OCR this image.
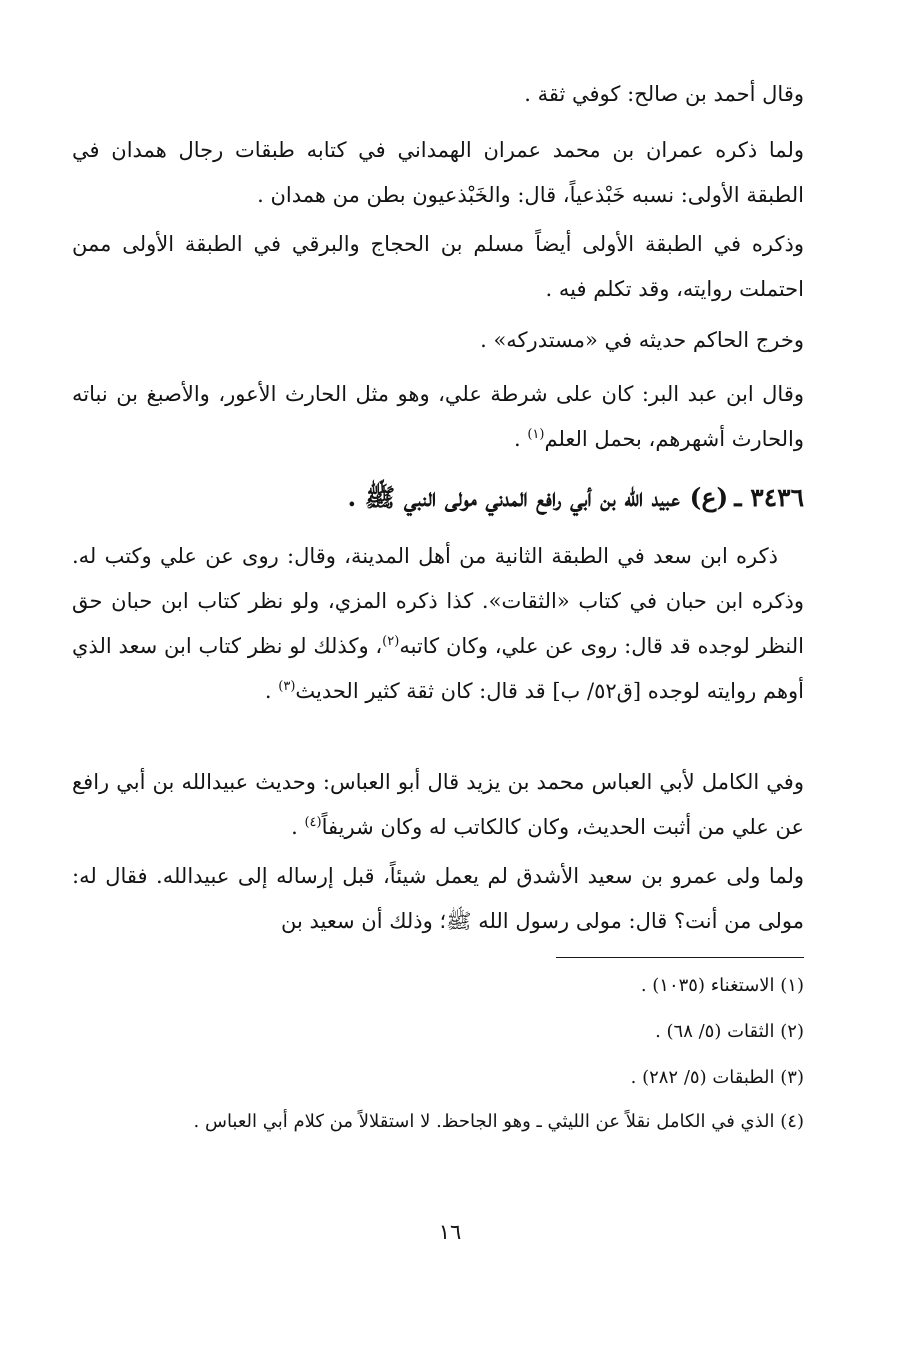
وقال أحمد بن صالح: كوفي ثقة .

ولما ذكره عمران بن محمد عمران الهمداني في كتابه طبقات رجال همدان في الطبقة الأولى: نسبه خَبْذعياً، قال: والخَبْذعيون بطن من همدان .

وذكره في الطبقة الأولى أيضاً مسلم بن الحجاج والبرقي في الطبقة الأولى ممن احتملت روايته، وقد تكلم فيه .

وخرج الحاكم حديثه في «مستدركه» .

وقال ابن عبد البر: كان على شرطة علي، وهو مثل الحارث الأعور، والأصبغ بن نباته والحارث أشهرهم، بحمل العلم$^{(١)}$ .

٣٤٣٦ ـ(ع)عبيد الله بن أبي رافع المدني مولى النبي ﷺ .

ذكره ابن سعد في الطبقة الثانية من أهل المدينة، وقال: روى عن علي وكتب له. وذكره ابن حبان في كتاب «الثقات». كذا ذكره المزي، ولو نظر كتاب ابن حبان حق النظر لوجده قد قال: روى عن علي، وكان كاتبه$^{(٢)}$، وكذلك لو نظر كتاب ابن سعد الذي أوهم روايته لوجده [ق٥٢/ ب] قد قال: كان ثقة كثير الحديث$^{(٣)}$ .

وفي الكامل لأبي العباس محمد بن يزيد قال أبو العباس: وحديث عبيدالله بن أبي رافع عن علي من أثبت الحديث، وكان كالكاتب له وكان شريفاً$^{(٤)}$ .

ولما ولى عمرو بن سعيد الأشدق لم يعمل شيئاً، قبل إرساله إلى عبيدالله. فقال له: مولى من أنت؟ قال: مولى رسول الله ﷺ؛ وذلك أن سعيد بن

(١) الاستغناء (١٠٣٥) .

(٢) الثقات (٥/ ٦٨) .

(٣) الطبقات (٥/ ٢٨٢) .

(٤) الذي في الكامل نقلاً عن الليثي ـ وهو الجاحظ. لا استقلالاً من كلام أبي العباس .

١٦
